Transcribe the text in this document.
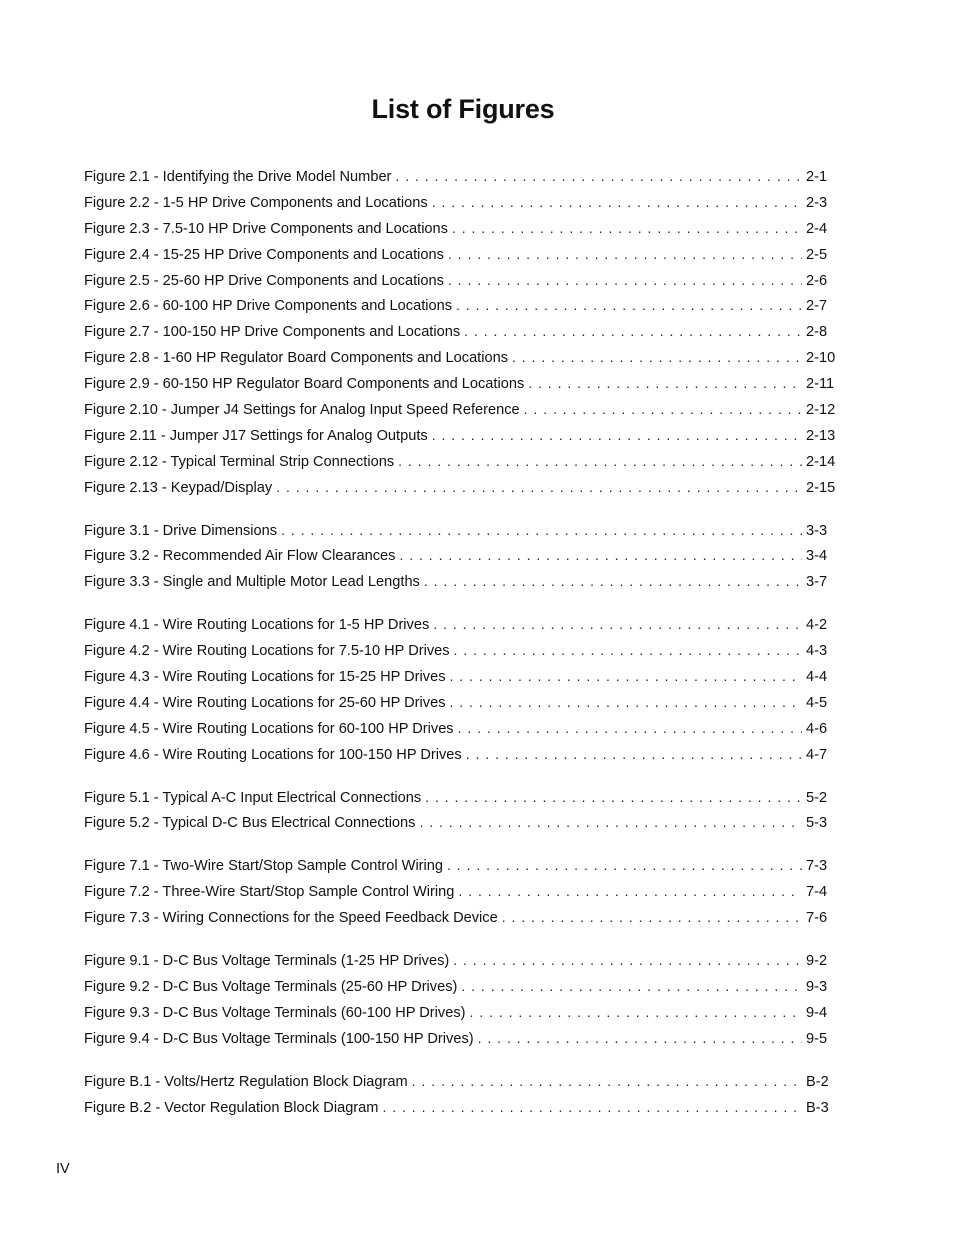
List of Figures
Figure 2.1 - Identifying the Drive Model Number . . .	2-1
Figure 2.2 - 1-5 HP Drive Components and Locations . . .	2-3
Figure 2.3 - 7.5-10 HP Drive Components and Locations . . .	2-4
Figure 2.4 - 15-25 HP Drive Components and Locations . . .	2-5
Figure 2.5 - 25-60 HP Drive Components and Locations . . .	2-6
Figure 2.6 - 60-100 HP Drive Components and Locations . . .	2-7
Figure 2.7 - 100-150 HP Drive Components and Locations . . .	2-8
Figure 2.8 - 1-60 HP Regulator Board Components and Locations . . .	2-10
Figure 2.9 - 60-150 HP Regulator Board Components and Locations . . .	2-11
Figure 2.10 - Jumper J4 Settings for Analog Input Speed Reference . . .	2-12
Figure 2.11 - Jumper J17 Settings for Analog Outputs . . .	2-13
Figure 2.12 - Typical Terminal Strip Connections . . .	2-14
Figure 2.13 - Keypad/Display . . .	2-15
Figure 3.1 - Drive Dimensions . . .	3-3
Figure 3.2 - Recommended Air Flow Clearances . . .	3-4
Figure 3.3 - Single and Multiple Motor Lead Lengths . . .	3-7
Figure 4.1 - Wire Routing Locations for 1-5 HP Drives . . .	4-2
Figure 4.2 - Wire Routing Locations for 7.5-10 HP Drives . . .	4-3
Figure 4.3 - Wire Routing Locations for 15-25 HP Drives . . .	4-4
Figure 4.4 - Wire Routing Locations for 25-60 HP Drives . . .	4-5
Figure 4.5 - Wire Routing Locations for 60-100 HP Drives . . .	4-6
Figure 4.6 - Wire Routing Locations for 100-150 HP Drives . . .	4-7
Figure 5.1 - Typical A-C Input Electrical Connections . . .	5-2
Figure 5.2 - Typical D-C Bus Electrical Connections . . .	5-3
Figure 7.1 - Two-Wire Start/Stop Sample Control Wiring . . .	7-3
Figure 7.2 - Three-Wire Start/Stop Sample Control Wiring . . .	7-4
Figure 7.3 - Wiring Connections for the Speed Feedback Device . . .	7-6
Figure 9.1 - D-C Bus Voltage Terminals (1-25 HP Drives) . . .	9-2
Figure 9.2 - D-C Bus Voltage Terminals (25-60 HP Drives) . . .	9-3
Figure 9.3 - D-C Bus Voltage Terminals (60-100 HP Drives) . . .	9-4
Figure 9.4 - D-C Bus Voltage Terminals (100-150 HP Drives) . . .	9-5
Figure B.1 - Volts/Hertz Regulation Block Diagram . . .	B-2
Figure B.2 - Vector Regulation Block Diagram . . .	B-3
IV
